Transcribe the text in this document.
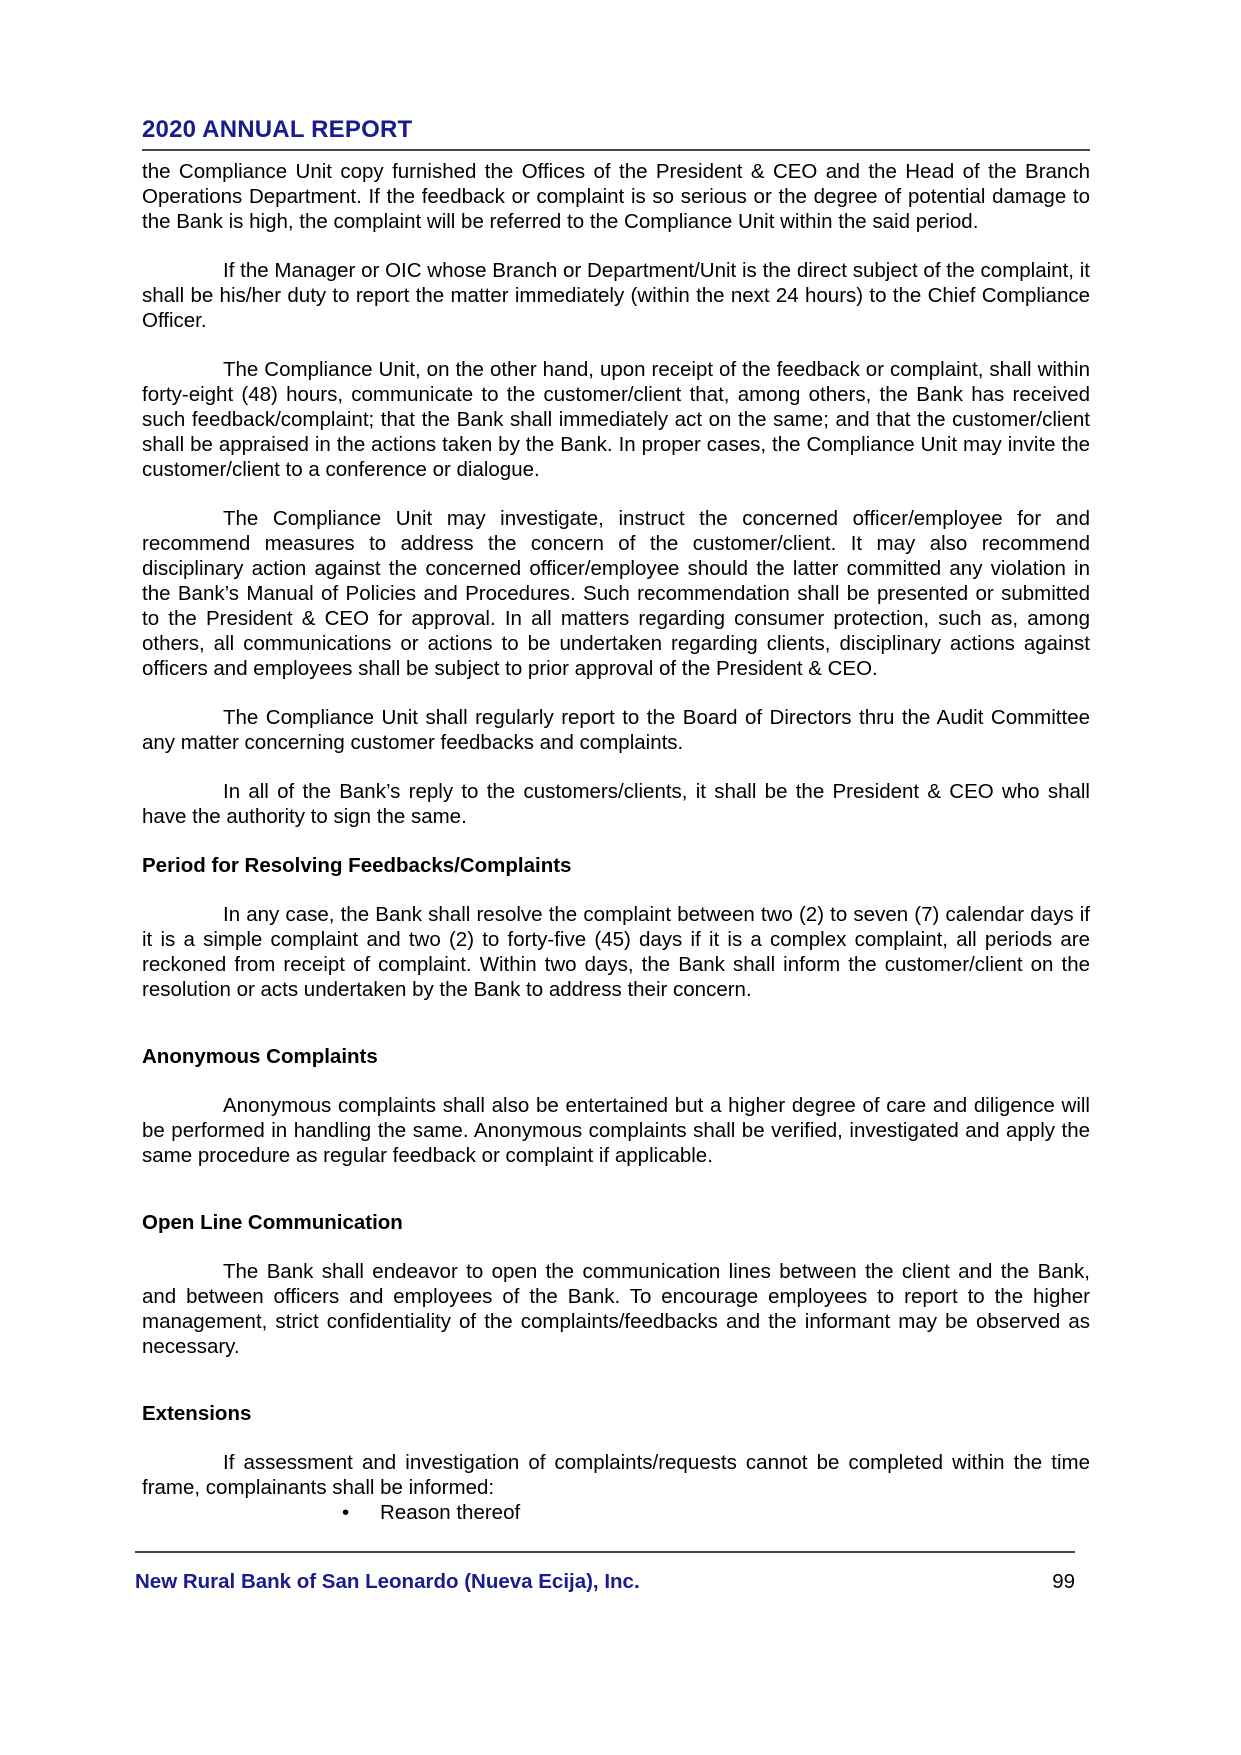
2020 ANNUAL REPORT

the Compliance Unit copy furnished the Offices of the President & CEO and the Head of the Branch Operations Department. If the feedback or complaint is so serious or the degree of potential damage to the Bank is high, the complaint will be referred to the Compliance Unit within the said period.

If the Manager or OIC whose Branch or Department/Unit is the direct subject of the complaint, it shall be his/her duty to report the matter immediately (within the next 24 hours) to the Chief Compliance Officer.

The Compliance Unit, on the other hand, upon receipt of the feedback or complaint, shall within forty-eight (48) hours, communicate to the customer/client that, among others, the Bank has received such feedback/complaint; that the Bank shall immediately act on the same; and that the customer/client shall be appraised in the actions taken by the Bank. In proper cases, the Compliance Unit may invite the customer/client to a conference or dialogue.

The Compliance Unit may investigate, instruct the concerned officer/employee for and recommend measures to address the concern of the customer/client. It may also recommend disciplinary action against the concerned officer/employee should the latter committed any violation in the Bank’s Manual of Policies and Procedures. Such recommendation shall be presented or submitted to the President & CEO for approval. In all matters regarding consumer protection, such as, among others, all communications or actions to be undertaken regarding clients, disciplinary actions against officers and employees shall be subject to prior approval of the President & CEO.

The Compliance Unit shall regularly report to the Board of Directors thru the Audit Committee any matter concerning customer feedbacks and complaints.

In all of the Bank’s reply to the customers/clients, it shall be the President & CEO who shall have the authority to sign the same.

Period for Resolving Feedbacks/Complaints

In any case, the Bank shall resolve the complaint between two (2) to seven (7) calendar days if it is a simple complaint and two (2) to forty-five (45) days if it is a complex complaint, all periods are reckoned from receipt of complaint. Within two days, the Bank shall inform the customer/client on the resolution or acts undertaken by the Bank to address their concern.

Anonymous Complaints

Anonymous complaints shall also be entertained but a higher degree of care and diligence will be performed in handling the same. Anonymous complaints shall be verified, investigated and apply the same procedure as regular feedback or complaint if applicable.

Open Line Communication

The Bank shall endeavor to open the communication lines between the client and the Bank, and between officers and employees of the Bank. To encourage employees to report to the higher management, strict confidentiality of the complaints/feedbacks and the informant may be observed as necessary.

Extensions

If assessment and investigation of complaints/requests cannot be completed within the time frame, complainants shall be informed:

• Reason thereof
New Rural Bank of San Leonardo (Nueva Ecija), Inc.	99
